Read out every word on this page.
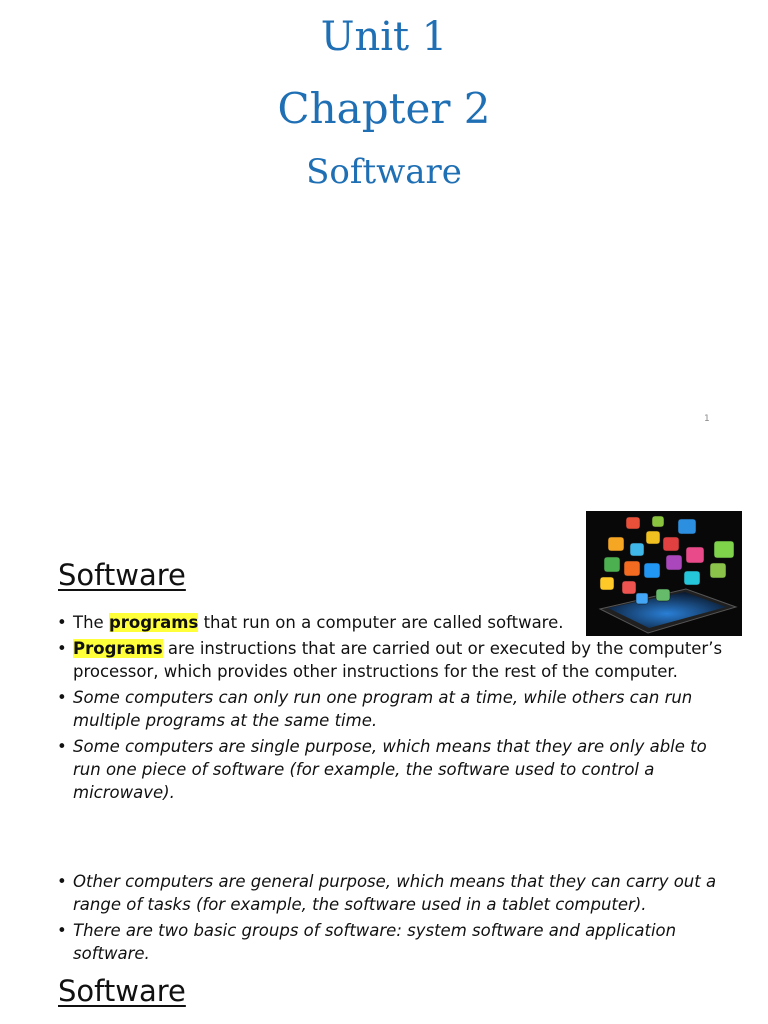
Unit 1
Chapter 2
Software
1
Software
• The programs that run on a computer are called software.
• Programs are instructions that are carried out or executed by the computer’s processor, which provides other instructions for the rest of the computer.
• Some computers can only run one program at a time, while others can run multiple programs at the same time.
• Some computers are single purpose, which means that they are only able to run one piece of software (for example, the software used to control a microwave).
• Other computers are general purpose, which means that they can carry out a range of tasks (for example, the software used in a tablet computer).
• There are two basic groups of software: system software and application software.
Software
